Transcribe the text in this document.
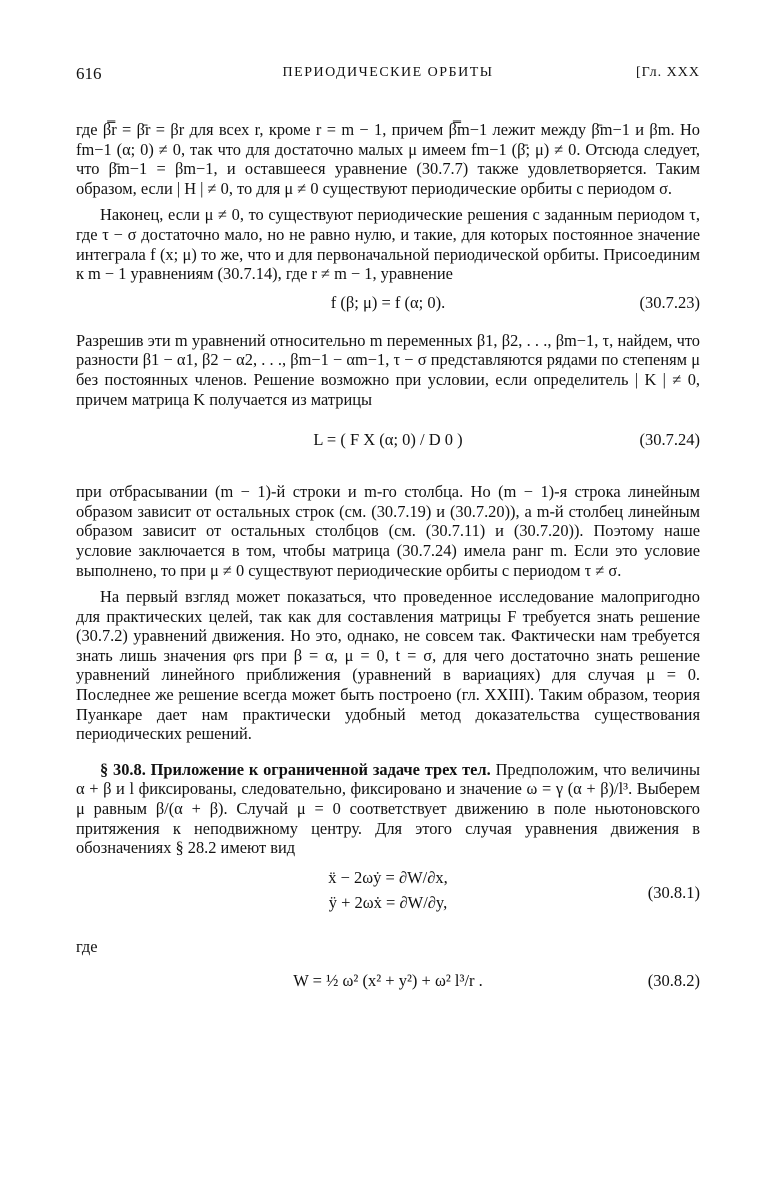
616	ПЕРИОДИЧЕСКИЕ ОРБИТЫ	[Гл. XXX

где β̿r = β̄r = βr для всех r, кроме r = m − 1, причем β̿m−1 лежит между β̄m−1 и βm. Но fm−1 (α; 0) ≠ 0, так что для достаточно малых μ имеем fm−1 (β̄; μ) ≠ 0. Отсюда следует, что β̄m−1 = βm−1, и оставшееся уравнение (30.7.7) также удовлетворяется. Таким образом, если | H | ≠ 0, то для μ ≠ 0 существуют периодические орбиты с периодом σ.

Наконец, если μ ≠ 0, то существуют периодические решения с заданным периодом τ, где τ − σ достаточно мало, но не равно нулю, и такие, для которых постоянное значение интеграла f (x; μ) то же, что и для первоначальной периодической орбиты. Присоединим к m − 1 уравнениям (30.7.14), где r ≠ m − 1, уравнение

f (β; μ) = f (α; 0).	(30.7.23)

Разрешив эти m уравнений относительно m переменных β1, β2, . . ., βm−1, τ, найдем, что разности β1 − α1, β2 − α2, . . ., βm−1 − αm−1, τ − σ представляются рядами по степеням μ без постоянных членов. Решение возможно при условии, если определитель | K | ≠ 0, причем матрица K получается из матрицы

L = ( F X (α; 0) / D 0 )	(30.7.24)

при отбрасывании (m − 1)-й строки и m-го столбца. Но (m − 1)-я строка линейным образом зависит от остальных строк (см. (30.7.19) и (30.7.20)), а m-й столбец линейным образом зависит от остальных столбцов (см. (30.7.11) и (30.7.20)). Поэтому наше условие заключается в том, чтобы матрица (30.7.24) имела ранг m. Если это условие выполнено, то при μ ≠ 0 существуют периодические орбиты с периодом τ ≠ σ.

На первый взгляд может показаться, что проведенное исследование малопригодно для практических целей, так как для составления матрицы F требуется знать решение (30.7.2) уравнений движения. Но это, однако, не совсем так. Фактически нам требуется знать лишь значения φrs при β = α, μ = 0, t = σ, для чего достаточно знать решение уравнений линейного приближения (уравнений в вариациях) для случая μ = 0. Последнее же решение всегда может быть построено (гл. XXIII). Таким образом, теория Пуанкаре дает нам практически удобный метод доказательства существования периодических решений.

§ 30.8. Приложение к ограниченной задаче трех тел. Предположим, что величины α + β и l фиксированы, следовательно, фиксировано и значение ω = γ (α + β)/l³. Выберем μ равным β/(α + β). Случай μ = 0 соответствует движению в поле ньютоновского притяжения к неподвижному центру. Для этого случая уравнения движения в обозначениях § 28.2 имеют вид

ẍ − 2ωẏ = ∂W/∂x,
ÿ + 2ωẋ = ∂W/∂y,
(30.8.1)

где

W = ½ ω² (x² + y²) + ω² l³/r .	(30.8.2)
